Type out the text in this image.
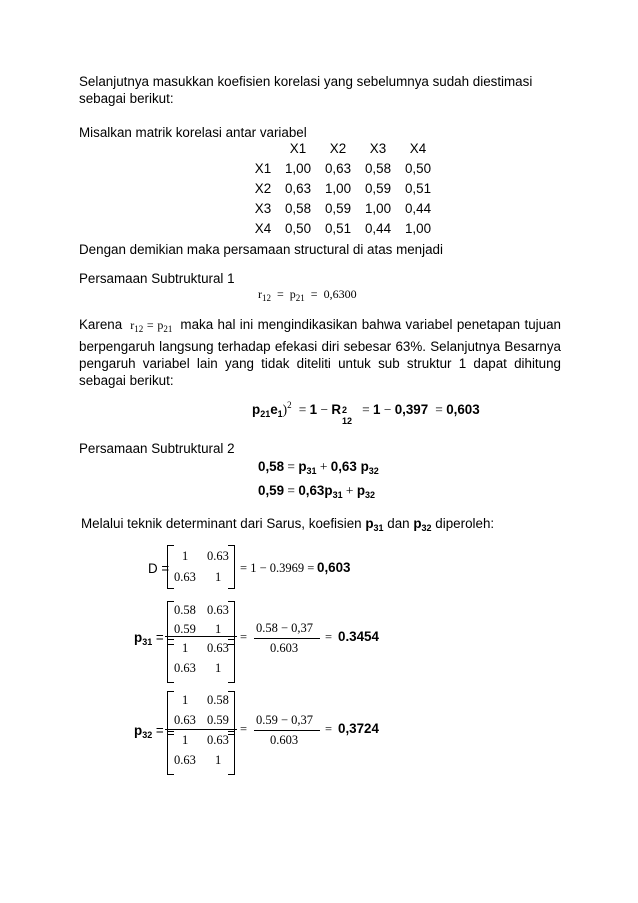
Selanjutnya masukkan koefisien korelasi yang sebelumnya sudah diestimasi
sebagai berikut:
Misalkan matrik korelasi antar variabel
	X1	X2	X3	X4
X1	1,00	0,63	0,58	0,50
X2	0,63	1,00	0,59	0,51
X3	0,58	0,59	1,00	0,44
X4	0,50	0,51	0,44	1,00
Dengan demikian maka persamaan structural di atas menjadi
Persamaan Subtruktural 1
$r_{12} = p_{21} = 0,6300$
Karena  $r_{12} = p_{21}$ maka hal ini mengindikasikan bahwa variabel penetapan tujuan berpengaruh langsung terhadap efekasi diri sebesar 63%. Selanjutnya Besarnya pengaruh variabel lain yang tidak diteliti untuk sub struktur 1 dapat dihitung sebagai berikut:
$p_{21}e_1)^2 = 1 - R$ 2
12
= 1 − 0,397  = 0,603
Persamaan Subtruktural 2
$0,58 = p_{31} + 0,63$ $p_{32}$
$0,59 = 0,63p_{31} + p_{32}$
Melalui teknik determinant dari Sarus, koefisien $p_{31}$ dan $p_{32}$ diperoleh:
D =
1 0.63
0.63 1
= 1 − 0.3969 = 0,603
$p_{31}$ =
0.58 0.63
0.59 1
1 0.63
0.63 1
=
0.58 − 0,37
0.603
= 0.3454
$p_{32}$ =
1 0.58
0.63 0.59
1 0.63
0.63 1
=
0.59 − 0,37
0.603
= 0,3724
